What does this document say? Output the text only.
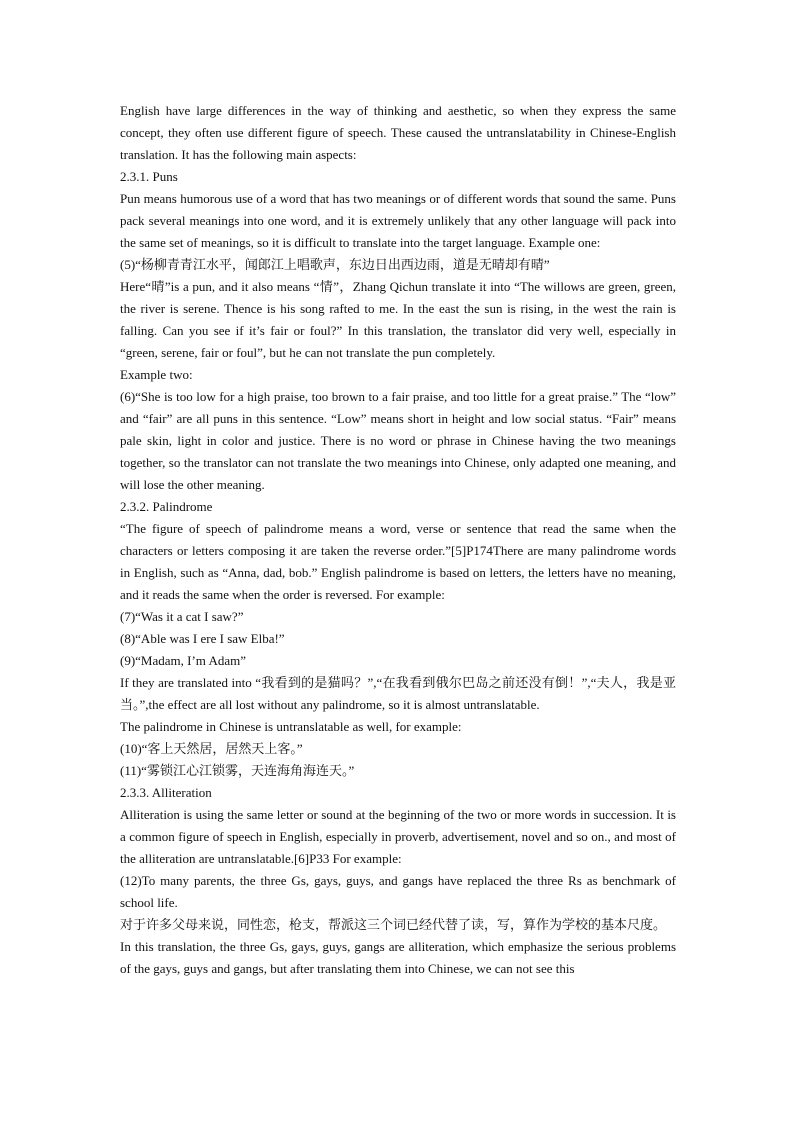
English have large differences in the way of thinking and aesthetic, so when they express the same concept, they often use different figure of speech. These caused the untranslatability in Chinese-English translation. It has the following main aspects:

2.3.1. Puns

Pun means humorous use of a word that has two meanings or of different words that sound the same. Puns pack several meanings into one word, and it is extremely unlikely that any other language will pack into the same set of meanings, so it is difficult to translate into the target language. Example one:

(5)“杨柳青青江水平，闻郎江上唱歌声，东边日出西边雨，道是无晴却有晴”

Here“晴”is a pun, and it also means “情”，Zhang Qichun translate it into “The willows are green, green, the river is serene. Thence is his song rafted to me. In the east the sun is rising, in the west the rain is falling. Can you see if it’s fair or foul?” In this translation, the translator did very well, especially in “green, serene, fair or foul”, but he can not translate the pun completely.

Example two:

(6)“She is too low for a high praise, too brown to a fair praise, and too little for a great praise.” The “low” and “fair” are all puns in this sentence. “Low” means short in height and low social status. “Fair” means pale skin, light in color and justice. There is no word or phrase in Chinese having the two meanings together, so the translator can not translate the two meanings into Chinese, only adapted one meaning, and will lose the other meaning.

2.3.2. Palindrome

“The figure of speech of palindrome means a word, verse or sentence that read the same when the characters or letters composing it are taken the reverse order.”[5]P174There are many palindrome words in English, such as “Anna, dad, bob.” English palindrome is based on letters, the letters have no meaning, and it reads the same when the order is reversed. For example:

(7)“Was it a cat I saw?”

(8)“Able was I ere I saw Elba!”

(9)“Madam, I’m Adam”

If they are translated into “我看到的是猫吗？”,“在我看到俄尔巴岛之前还没有倒！”,“夫人，我是亚当。”,the effect are all lost without any palindrome, so it is almost untranslatable.

The palindrome in Chinese is untranslatable as well, for example:

(10)“客上天然居，居然天上客。”

(11)“雾锁江心江锁雾，天连海角海连天。”

2.3.3. Alliteration

Alliteration is using the same letter or sound at the beginning of the two or more words in succession. It is a common figure of speech in English, especially in proverb, advertisement, novel and so on., and most of the alliteration are untranslatable.[6]P33 For example:

(12)To many parents, the three Gs, gays, guys, and gangs have replaced the three Rs as benchmark of school life.

对于许多父母来说，同性恋，枪支，帮派这三个词已经代替了读，写，算作为学校的基本尺度。

In this translation, the three Gs, gays, guys, gangs are alliteration, which emphasize the serious problems of the gays, guys and gangs, but after translating them into Chinese, we can not see this
